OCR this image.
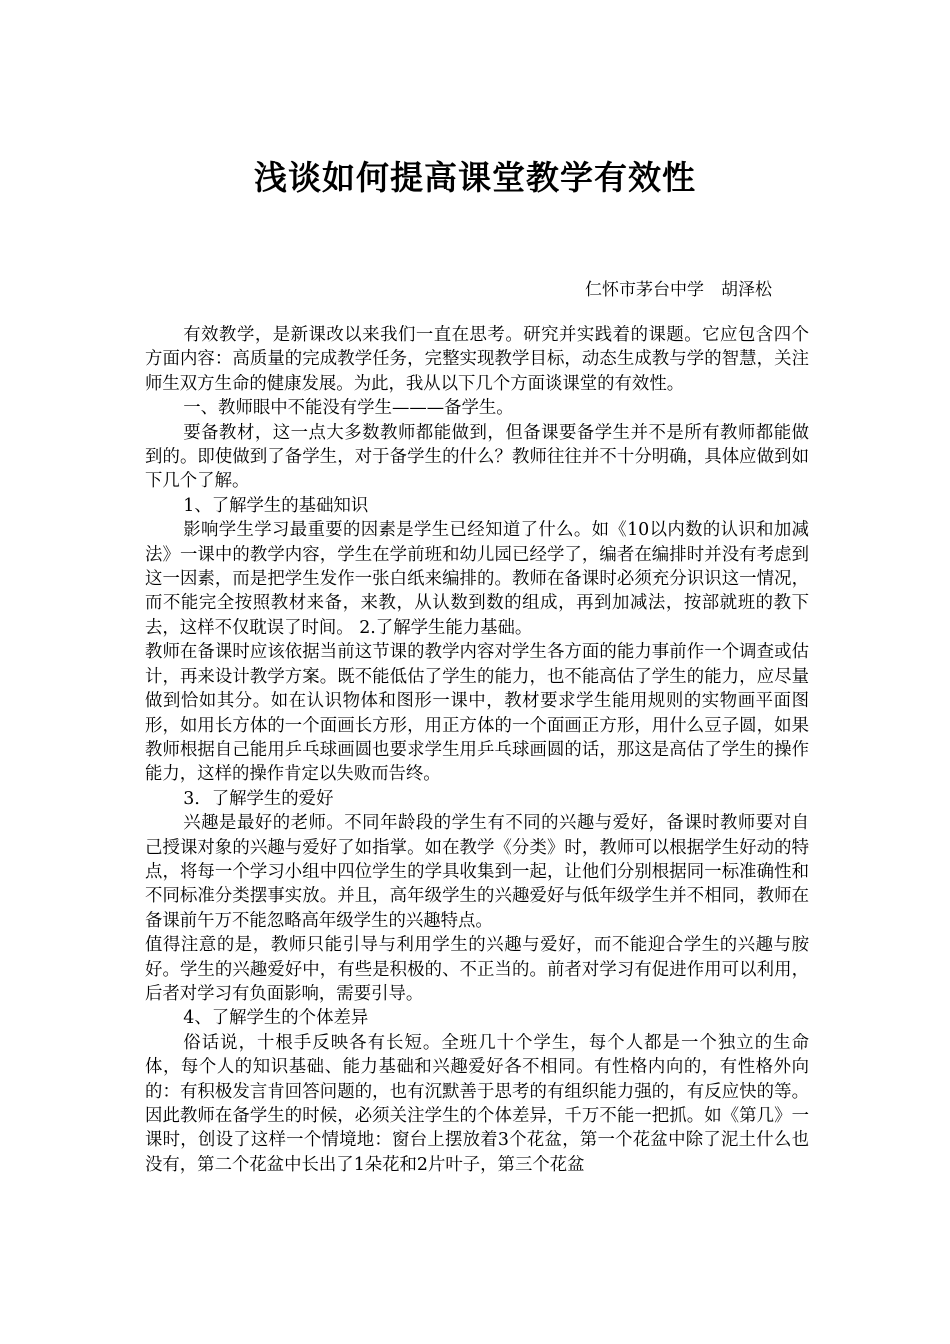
浅谈如何提高课堂教学有效性
仁怀市茅台中学　胡泽松

有效教学，是新课改以来我们一直在思考。研究并实践着的课题。它应包含四个方面内容：高质量的完成教学任务，完整实现教学目标，动态生成教与学的智慧，关注师生双方生命的健康发展。为此，我从以下几个方面谈课堂的有效性。

一、教师眼中不能没有学生———备学生。

要备教材，这一点大多数教师都能做到，但备课要备学生并不是所有教师都能做到的。即使做到了备学生，对于备学生的什么？教师往往并不十分明确，具体应做到如下几个了解。

1、了解学生的基础知识

影响学生学习最重要的因素是学生已经知道了什么。如《10以内数的认识和加减法》一课中的教学内容，学生在学前班和幼儿园已经学了，编者在编排时并没有考虑到这一因素，而是把学生发作一张白纸来编排的。教师在备课时必须充分识识这一情况，而不能完全按照教材来备，来教，从认数到数的组成，再到加减法，按部就班的教下去，这样不仅耽误了时间。 2.了解学生能力基础。

教师在备课时应该依据当前这节课的教学内容对学生各方面的能力事前作一个调查或估计，再来设计教学方案。既不能低估了学生的能力，也不能高估了学生的能力，应尽量做到恰如其分。如在认识物体和图形一课中，教材要求学生能用规则的实物画平面图形，如用长方体的一个面画长方形，用正方体的一个面画正方形，用什么豆子圆，如果教师根据自己能用乒乓球画圆也要求学生用乒乓球画圆的话，那这是高估了学生的操作能力，这样的操作肯定以失败而告终。

3．了解学生的爱好

兴趣是最好的老师。不同年龄段的学生有不同的兴趣与爱好，备课时教师要对自己授课对象的兴趣与爱好了如指掌。如在教学《分类》时，教师可以根据学生好动的特点，将每一个学习小组中四位学生的学具收集到一起，让他们分别根据同一标准确性和不同标准分类摆事实放。并且，高年级学生的兴趣爱好与低年级学生并不相同，教师在备课前午万不能忽略高年级学生的兴趣特点。

值得注意的是，教师只能引导与利用学生的兴趣与爱好，而不能迎合学生的兴趣与胺好。学生的兴趣爱好中，有些是积极的、不正当的。前者对学习有促进作用可以利用，后者对学习有负面影响，需要引导。

4、了解学生的个体差异

俗话说，十根手反映各有长短。全班几十个学生，每个人都是一个独立的生命体，每个人的知识基础、能力基础和兴趣爱好各不相同。有性格内向的，有性格外向的：有积极发言肯回答问题的，也有沉默善于思考的有组织能力强的，有反应快的等。因此教师在备学生的时候，必须关注学生的个体差异，千万不能一把抓。如《第几》一课时，创设了这样一个情境地：窗台上摆放着3个花盆，第一个花盆中除了泥土什么也没有，第二个花盆中长出了1朵花和2片叶子，第三个花盆
